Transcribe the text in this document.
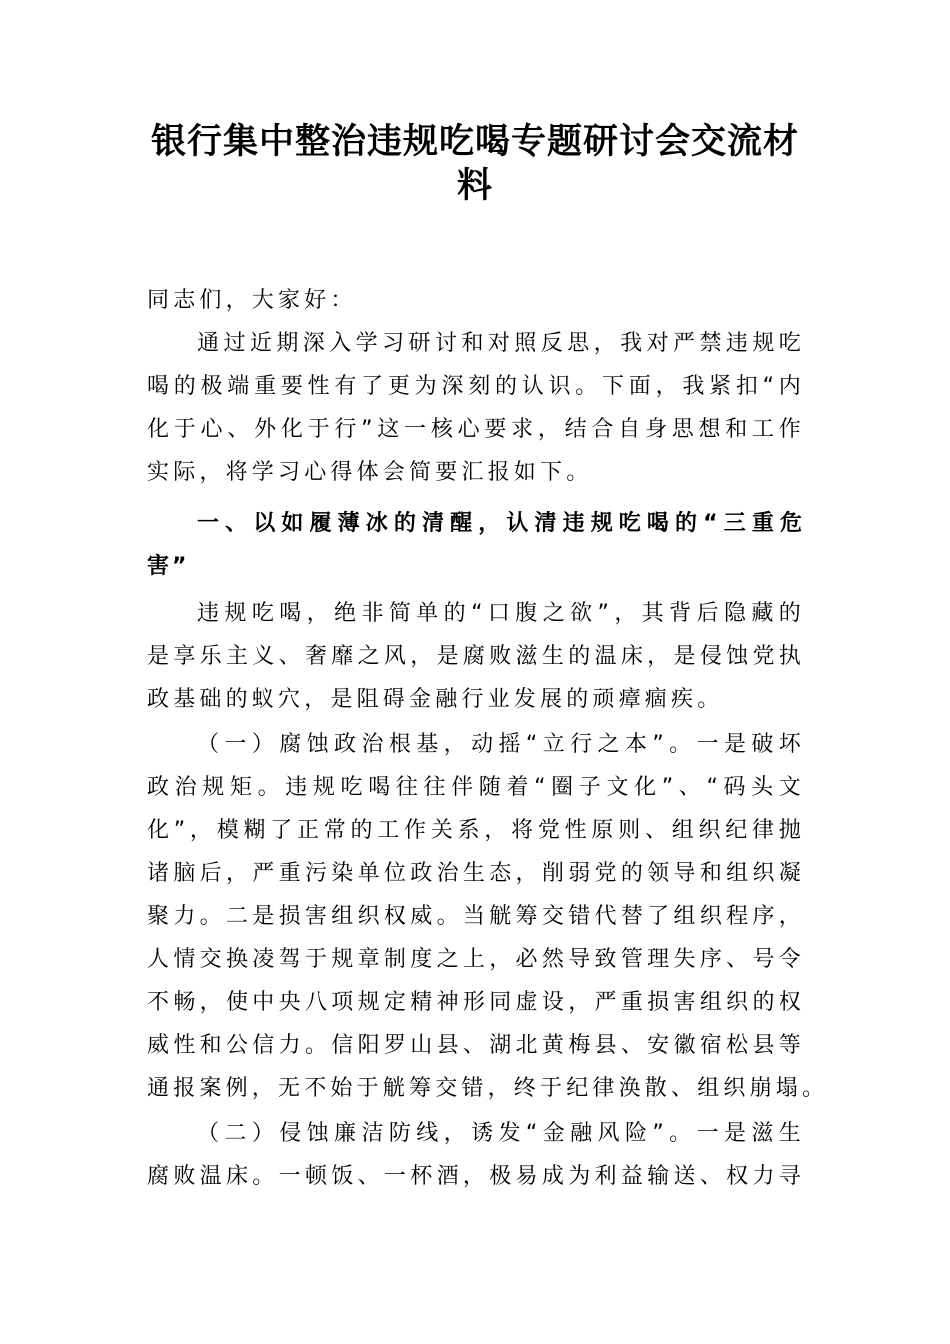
银行集中整治违规吃喝专题研讨会交流材
料
同志们，大家好：
通过近期深入学习研讨和对照反思，我对严禁违规吃
喝的极端重要性有了更为深刻的认识。下面，我紧扣“内
化于心、外化于行”这一核心要求，结合自身思想和工作
实际，将学习心得体会简要汇报如下。
一、以如履薄冰的清醒，认清违规吃喝的“三重危
害”
违规吃喝，绝非简单的“口腹之欲”，其背后隐藏的
是享乐主义、奢靡之风，是腐败滋生的温床，是侵蚀党执
政基础的蚁穴，是阻碍金融行业发展的顽瘴痼疾。
（一）腐蚀政治根基，动摇“立行之本”。一是破坏
政治规矩。违规吃喝往往伴随着“圈子文化”、“码头文
化”，模糊了正常的工作关系，将党性原则、组织纪律抛
诸脑后，严重污染单位政治生态，削弱党的领导和组织凝
聚力。二是损害组织权威。当觥筹交错代替了组织程序，
人情交换凌驾于规章制度之上，必然导致管理失序、号令
不畅，使中央八项规定精神形同虚设，严重损害组织的权
威性和公信力。信阳罗山县、湖北黄梅县、安徽宿松县等
通报案例，无不始于觥筹交错，终于纪律涣散、组织崩塌。
（二）侵蚀廉洁防线，诱发“金融风险”。一是滋生
腐败温床。一顿饭、一杯酒，极易成为利益输送、权力寻
